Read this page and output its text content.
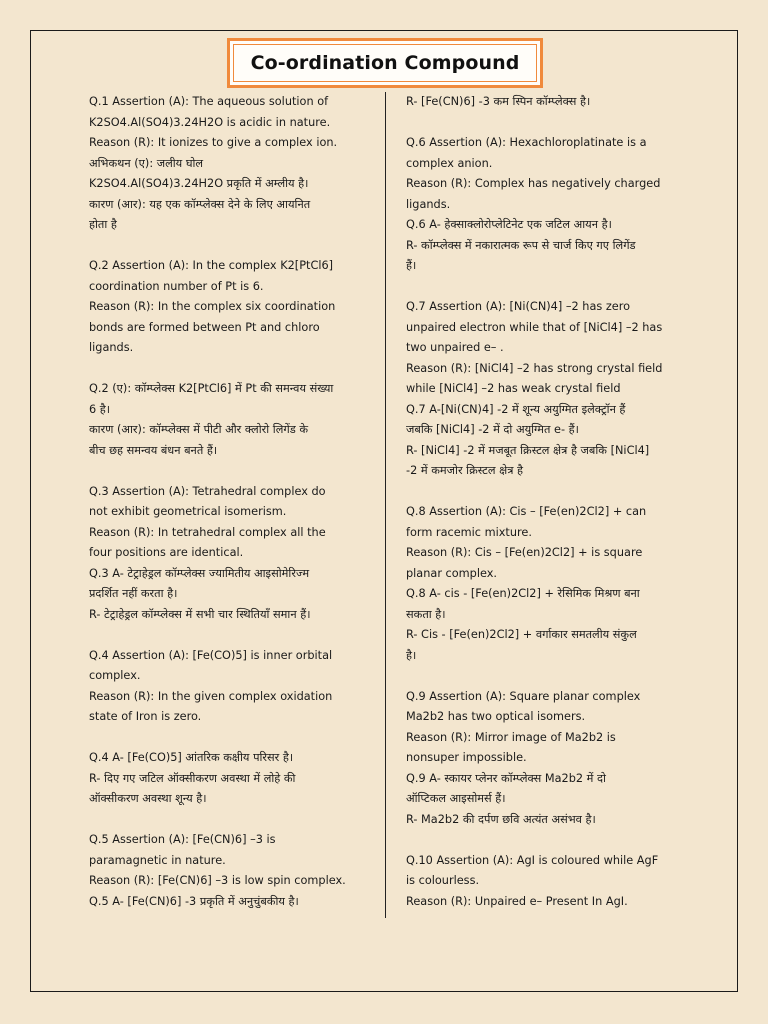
Co-ordination Compound
Q.1 Assertion (A): The aqueous solution of
K2SO4.Al(SO4)3.24H2O is acidic in nature.
Reason (R): It ionizes to give a complex ion.
अभिकथन (ए): जलीय घोल
K2SO4.Al(SO4)3.24H2O प्रकृति में अम्लीय है।
कारण (आर): यह एक कॉम्प्लेक्स देने के लिए आयनित
होता है
Q.2 Assertion (A): In the complex K2[PtCl6]
coordination number of Pt is 6.
Reason (R): In the complex six coordination
bonds are formed between Pt and chloro
ligands.
Q.2 (ए): कॉम्प्लेक्स K2[PtCl6] में Pt की समन्वय संख्या
6 है।
कारण (आर): कॉम्प्लेक्स में पीटी और क्लोरो लिगेंड के
बीच छह समन्वय बंधन बनते हैं।
Q.3 Assertion (A): Tetrahedral complex do
not exhibit geometrical isomerism.
Reason (R): In tetrahedral complex all the
four positions are identical.
Q.3 A- टेट्राहेड्रल कॉम्प्लेक्स ज्यामितीय आइसोमेरिज्म
प्रदर्शित नहीं करता है।
R- टेट्राहेड्रल कॉम्प्लेक्स में सभी चार स्थितियाँ समान हैं।
Q.4 Assertion (A): [Fe(CO)5] is inner orbital
complex.
Reason (R): In the given complex oxidation
state of Iron is zero.
Q.4 A- [Fe(CO)5] आंतरिक कक्षीय परिसर है।
R- दिए गए जटिल ऑक्सीकरण अवस्था में लोहे की
ऑक्सीकरण अवस्था शून्य है।
Q.5 Assertion (A): [Fe(CN)6] –3 is
paramagnetic in nature.
Reason (R): [Fe(CN)6] –3 is low spin complex.
Q.5 A- [Fe(CN)6] -3 प्रकृति में अनुचुंबकीय है।
R- [Fe(CN)6] -3 कम स्पिन कॉम्प्लेक्स है।
Q.6 Assertion (A): Hexachloroplatinate is a
complex anion.
Reason (R): Complex has negatively charged
ligands.
Q.6 A- हेक्साक्लोरोप्लेटिनेट एक जटिल आयन है।
R- कॉम्प्लेक्स में नकारात्मक रूप से चार्ज किए गए लिगेंड
हैं।
Q.7 Assertion (A): [Ni(CN)4] –2 has zero
unpaired electron while that of [NiCl4] –2 has
two unpaired e– .
Reason (R): [NiCl4] –2 has strong crystal field
while [NiCl4] –2 has weak crystal field
Q.7 A-[Ni(CN)4] -2 में शून्य अयुग्मित इलेक्ट्रॉन हैं
जबकि [NiCl4] -2 में दो अयुग्मित e- हैं।
R- [NiCl4] -2 में मजबूत क्रिस्टल क्षेत्र है जबकि [NiCl4]
-2 में कमजोर क्रिस्टल क्षेत्र है
Q.8 Assertion (A): Cis – [Fe(en)2Cl2] + can
form racemic mixture.
Reason (R): Cis – [Fe(en)2Cl2] + is square
planar complex.
Q.8 A- cis - [Fe(en)2Cl2] + रेसिमिक मिश्रण बना
सकता है।
R- Cis - [Fe(en)2Cl2] + वर्गाकार समतलीय संकुल
है।
Q.9 Assertion (A): Square planar complex
Ma2b2 has two optical isomers.
Reason (R): Mirror image of Ma2b2 is
nonsuper impossible.
Q.9 A- स्कायर प्लेनर कॉम्प्लेक्स Ma2b2 में दो
ऑप्टिकल आइसोमर्स हैं।
R- Ma2b2 की दर्पण छवि अत्यंत असंभव है।
Q.10 Assertion (A): AgI is coloured while AgF
is colourless.
Reason (R): Unpaired e– Present In AgI.
